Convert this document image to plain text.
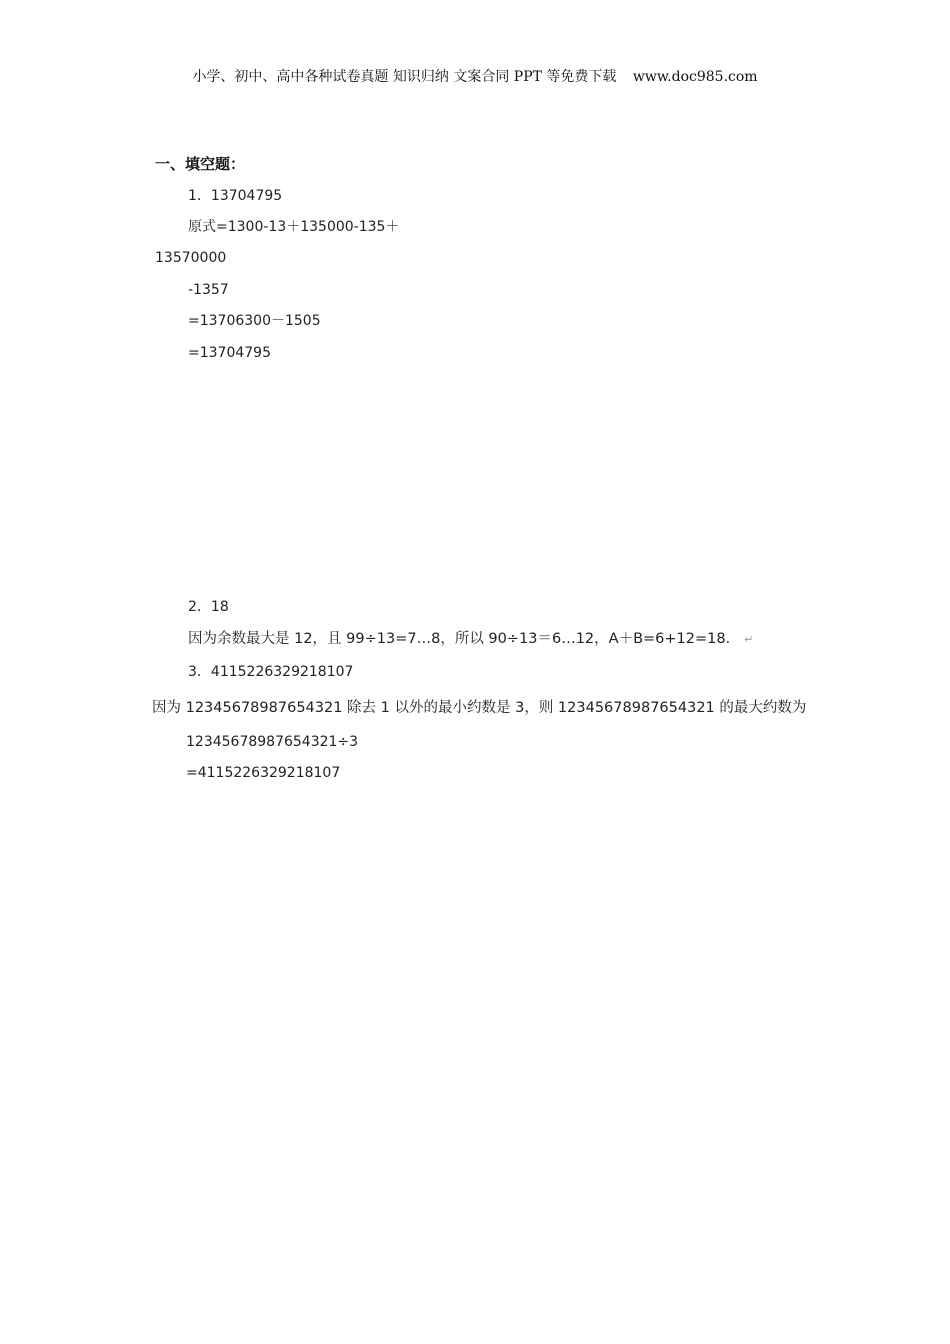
小学、初中、高中各种试卷真题 知识归纳 文案合同 PPT 等免费下载 www.doc985.com
一、填空题：
1．13704795
原式=1300-13＋135000-135＋
13570000
-1357
=13706300－1505
=13704795
2．18
因为余数最大是 12，且 99÷13=7…8，所以 90÷13＝6…12，A＋B=6+12=18． ↵
3．4115226329218107
因为 12345678987654321 除去 1 以外的最小约数是 3，则 12345678987654321 的最大约数为
12345678987654321÷3
=4115226329218107
